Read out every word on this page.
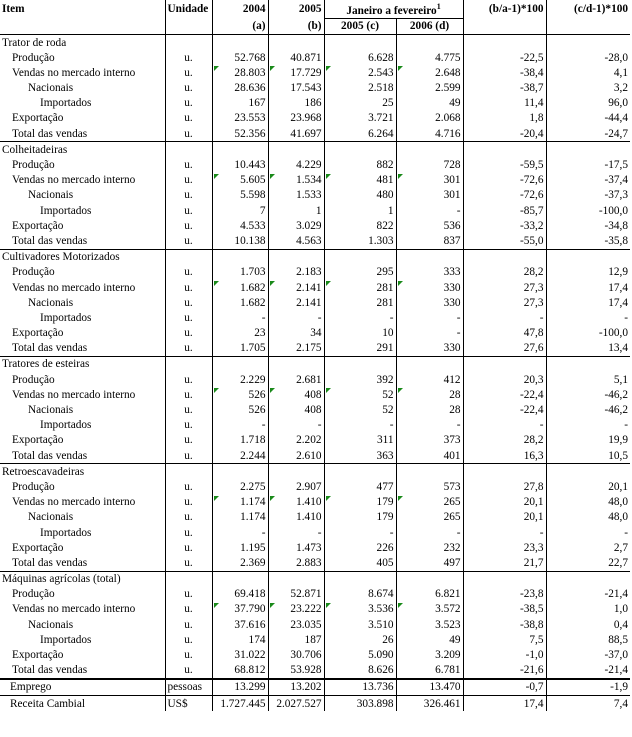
Item	Unidade	2004	2005	Janeiro a fevereiro$^1$		(b/a-1)*100	(c/d-1)*100
		(a)	(b)	2005 (c)	2006 (d)		
Trator de roda							
Produção	u.	52.768	40.871	6.628	4.775	-22,5	-28,0
Vendas no mercado interno	u.	28.803	17.729	2.543	2.648	-38,4	4,1
Nacionais	u.	28.636	17.543	2.518	2.599	-38,7	3,2
Importados	u.	167	186	25	49	11,4	96,0
Exportação	u.	23.553	23.968	3.721	2.068	1,8	-44,4
Total das vendas	u.	52.356	41.697	6.264	4.716	-20,4	-24,7
Colheitadeiras							
Produção	u.	10.443	4.229	882	728	-59,5	-17,5
Vendas no mercado interno	u.	5.605	1.534	481	301	-72,6	-37,4
Nacionais	u.	5.598	1.533	480	301	-72,6	-37,3
Importados	u.	7	1	1	-	-85,7	-100,0
Exportação	u.	4.533	3.029	822	536	-33,2	-34,8
Total das vendas	u.	10.138	4.563	1.303	837	-55,0	-35,8
Cultivadores Motorizados							
Produção	u.	1.703	2.183	295	333	28,2	12,9
Vendas no mercado interno	u.	1.682	2.141	281	330	27,3	17,4
Nacionais	u.	1.682	2.141	281	330	27,3	17,4
Importados	u.	-	-	-	-	-	-
Exportação	u.	23	34	10	-	47,8	-100,0
Total das vendas	u.	1.705	2.175	291	330	27,6	13,4
Tratores de esteiras							
Produção	u.	2.229	2.681	392	412	20,3	5,1
Vendas no mercado interno	u.	526	408	52	28	-22,4	-46,2
Nacionais	u.	526	408	52	28	-22,4	-46,2
Importados	u.	-	-	-	-	-	-
Exportação	u.	1.718	2.202	311	373	28,2	19,9
Total das vendas	u.	2.244	2.610	363	401	16,3	10,5
Retroescavadeiras							
Produção	u.	2.275	2.907	477	573	27,8	20,1
Vendas no mercado interno	u.	1.174	1.410	179	265	20,1	48,0
Nacionais	u.	1.174	1.410	179	265	20,1	48,0
Importados	u.	-	-	-	-	-	-
Exportação	u.	1.195	1.473	226	232	23,3	2,7
Total das vendas	u.	2.369	2.883	405	497	21,7	22,7
Máquinas agrícolas (total)							
Produção	u.	69.418	52.871	8.674	6.821	-23,8	-21,4
Vendas no mercado interno	u.	37.790	23.222	3.536	3.572	-38,5	1,0
Nacionais	u.	37.616	23.035	3.510	3.523	-38,8	0,4
Importados	u.	174	187	26	49	7,5	88,5
Exportação	u.	31.022	30.706	5.090	3.209	-1,0	-37,0
Total das vendas	u.	68.812	53.928	8.626	6.781	-21,6	-21,4
Emprego	pessoas	13.299	13.202	13.736	13.470	-0,7	-1,9
Receita Cambial	US$	1.727.445	2.027.527	303.898	326.461	17,4	7,4
